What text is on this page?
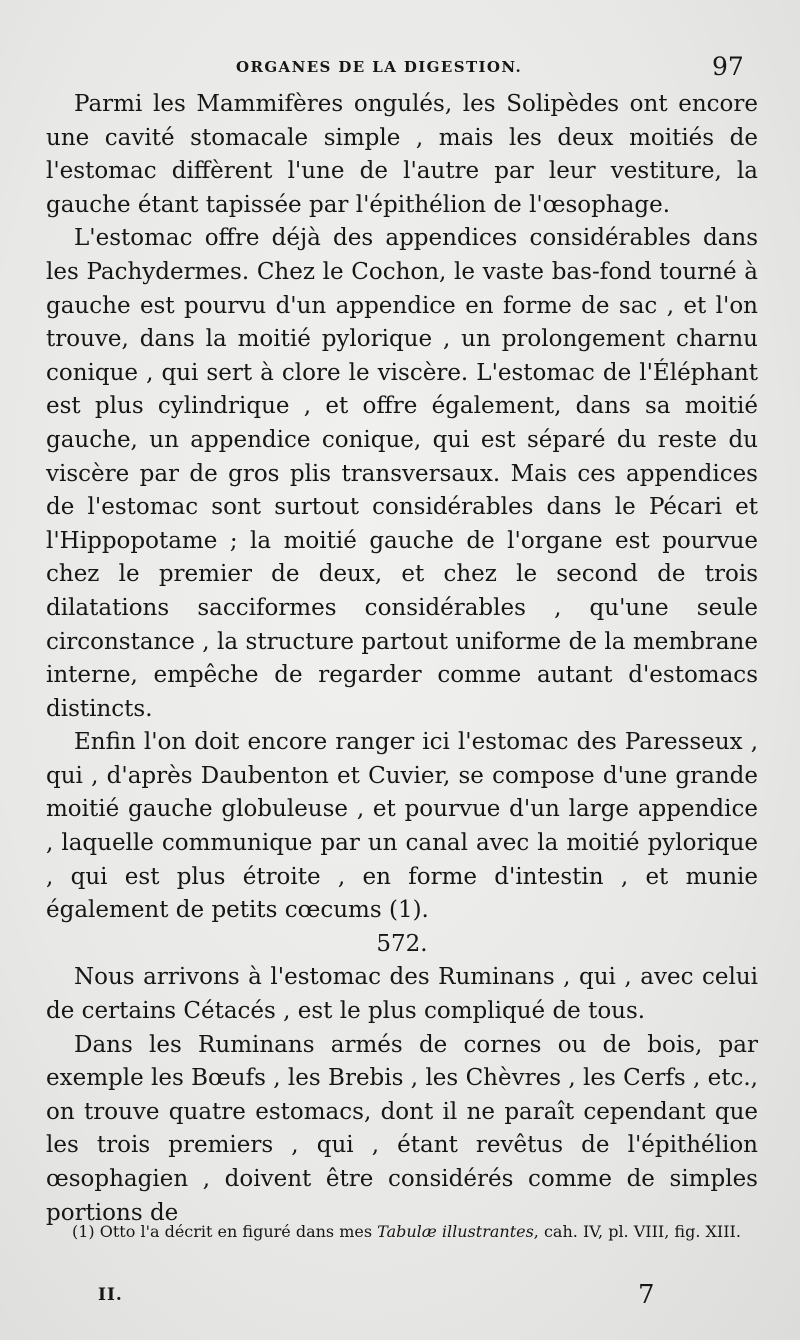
ORGANES DE LA DIGESTION.	97

Parmi les Mammifères ongulés, les Solipèdes ont encore une cavité stomacale simple , mais les deux moitiés de l'estomac diffèrent l'une de l'autre par leur vestiture, la gauche étant tapissée par l'épithélion de l'œsophage.

L'estomac offre déjà des appendices considérables dans les Pachydermes. Chez le Cochon, le vaste bas-fond tourné à gauche est pourvu d'un appendice en forme de sac , et l'on trouve, dans la moitié pylorique , un prolongement charnu conique , qui sert à clore le viscère. L'estomac de l'Éléphant est plus cylindrique , et offre également, dans sa moitié gauche, un appendice conique, qui est séparé du reste du viscère par de gros plis transversaux. Mais ces appendices de l'estomac sont surtout considérables dans le Pécari et l'Hippopotame ; la moitié gauche de l'organe est pourvue chez le premier de deux, et chez le second de trois dilatations sacciformes considérables , qu'une seule circonstance , la structure partout uniforme de la membrane interne, empêche de regarder comme autant d'estomacs distincts.

Enfin l'on doit encore ranger ici l'estomac des Paresseux , qui , d'après Daubenton et Cuvier, se compose d'une grande moitié gauche globuleuse , et pourvue d'un large appendice , laquelle communique par un canal avec la moitié pylorique , qui est plus étroite , en forme d'intestin , et munie également de petits cœcums (1).

572.

Nous arrivons à l'estomac des Ruminans , qui , avec celui de certains Cétacés , est le plus compliqué de tous.

Dans les Ruminans armés de cornes ou de bois, par exemple les Bœufs , les Brebis , les Chèvres , les Cerfs , etc., on trouve quatre estomacs, dont il ne paraît cependant que les trois premiers , qui , étant revêtus de l'épithélion œsophagien , doivent être considérés comme de simples portions de

(1) Otto l'a décrit en figuré dans mes Tabulæ illustrantes, cah. IV, pl. VIII, fig. XIII.

II.	7
